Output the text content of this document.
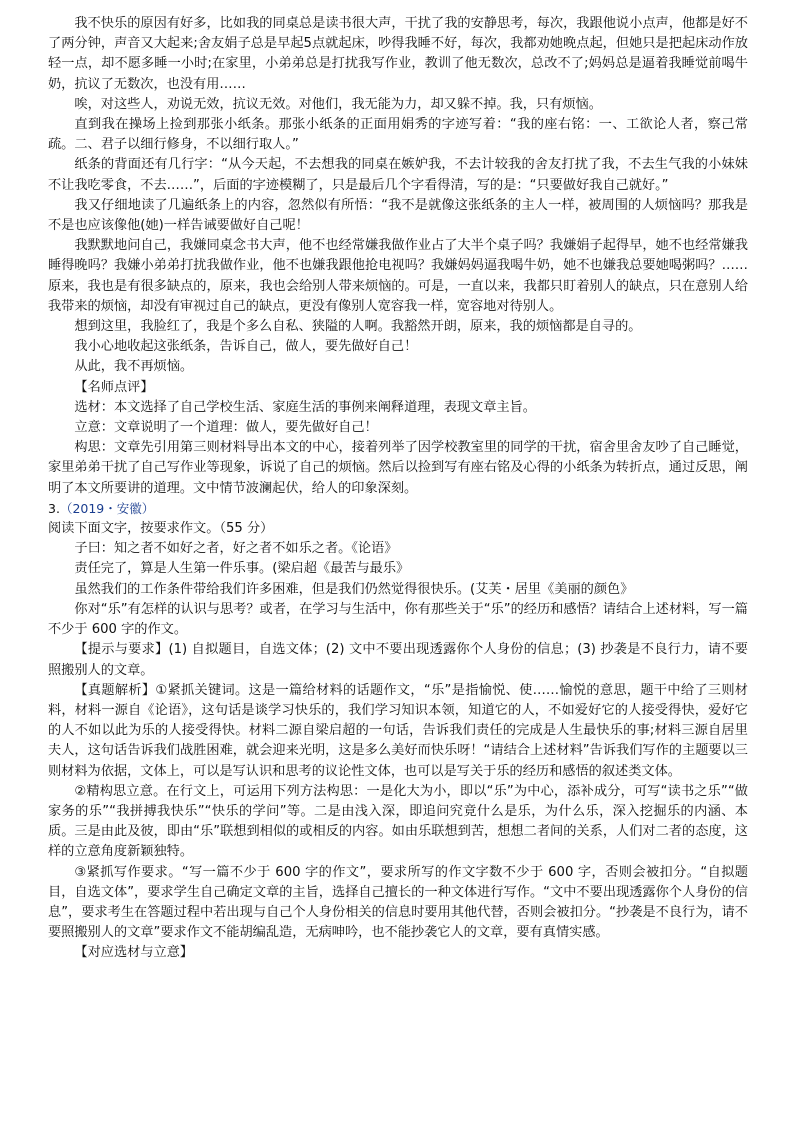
我不快乐的原因有好多，比如我的同桌总是读书很大声，干扰了我的安静思考，每次，我跟他说小点声，他都是好不了两分钟，声音又大起来;舍友娟子总是早起5点就起床，吵得我睡不好，每次，我都劝她晚点起，但她只是把起床动作放轻一点，却不愿多睡一小时;在家里，小弟弟总是打扰我写作业，教训了他无数次，总改不了;妈妈总是逼着我睡觉前喝牛奶，抗议了无数次，也没有用……

唉，对这些人，劝说无效，抗议无效。对他们，我无能为力，却又躲不掉。我，只有烦恼。

直到我在操场上捡到那张小纸条。那张小纸条的正面用娟秀的字迹写着：“我的座右铭：一、工欲论人者，察己常疏。二、君子以细行修身，不以细行取人。”

纸条的背面还有几行字：“从今天起，不去想我的同桌在嫉妒我，不去计较我的舍友打扰了我，不去生气我的小妹妹不让我吃零食，不去……”，后面的字迹模糊了，只是最后几个字看得清，写的是：“只要做好我自己就好。”

我又仔细地读了几遍纸条上的内容，忽然似有所悟：“我不是就像这张纸条的主人一样，被周围的人烦恼吗？那我是不是也应该像他(她)一样告诫要做好自己呢！

我默默地问自己，我嫌同桌念书大声，他不也经常嫌我做作业占了大半个桌子吗？我嫌娟子起得早，她不也经常嫌我睡得晚吗？我嫌小弟弟打扰我做作业，他不也嫌我跟他抢电视吗？我嫌妈妈逼我喝牛奶，她不也嫌我总要她喝粥吗？……原来，我也是有很多缺点的，原来，我也会给别人带来烦恼的。可是，一直以来，我都只盯着别人的缺点，只在意别人给我带来的烦恼，却没有审视过自己的缺点，更没有像别人宽容我一样，宽容地对待别人。

想到这里，我脸红了，我是个多么自私、狭隘的人啊。我豁然开朗，原来，我的烦恼都是自寻的。

我小心地收起这张纸条，告诉自己，做人，要先做好自己！

从此，我不再烦恼。

【名师点评】

选材：本文选择了自己学校生活、家庭生活的事例来阐释道理，表现文章主旨。

立意：文章说明了一个道理：做人，要先做好自己！

构思：文章先引用第三则材料导出本文的中心，接着列举了因学校教室里的同学的干扰，宿舍里舍友吵了自己睡觉，家里弟弟干扰了自己写作业等现象，诉说了自己的烦恼。然后以捡到写有座右铭及心得的小纸条为转折点，通过反思，阐明了本文所要讲的道理。文中情节波澜起伏，给人的印象深刻。

3.（2019・安徽）

阅读下面文字，按要求作文。（55 分）

子曰：知之者不如好之者，好之者不如乐之者。《论语》

责任完了，算是人生第一件乐事。(梁启超《最苦与最乐》

虽然我们的工作条件带给我们许多困难，但是我们仍然觉得很快乐。(艾芙・居里《美丽的颜色》

你对“乐”有怎样的认识与思考？或者，在学习与生活中，你有那些关于“乐”的经历和感悟？请结合上述材料，写一篇不少于 600 字的作文。

【提示与要求】(1) 自拟题目，自选文体；(2) 文中不要出现透露你个人身份的信息；(3) 抄袭是不良行力，请不要照搬别人的文章。

【真题解析】①紧抓关键词。这是一篇给材料的话题作文，“乐”是指愉悦、使……愉悦的意思，题干中给了三则材料，材料一源自《论语》，这句话是谈学习快乐的，我们学习知识本领，知道它的人，不如爱好它的人接受得快，爱好它的人不如以此为乐的人接受得快。材料二源自梁启超的一句话，告诉我们责任的完成是人生最快乐的事;材料三源自居里夫人，这句话告诉我们战胜困难，就会迎来光明，这是多么美好而快乐呀！“请结合上述材料”告诉我们写作的主题要以三则材料为依据，文体上，可以是写认识和思考的议论性文体，也可以是写关于乐的经历和感悟的叙述类文体。

②精构思立意。在行文上，可运用下列方法构思：一是化大为小，即以“乐”为中心，添补成分，可写“读书之乐”“做家务的乐”“我拼搏我快乐”“快乐的学问”等。二是由浅入深，即追问究竟什么是乐，为什么乐，深入挖掘乐的内涵、本质。三是由此及彼，即由“乐”联想到相似的或相反的内容。如由乐联想到苦，想想二者间的关系，人们对二者的态度，这样的立意角度新颖独特。

③紧抓写作要求。“写一篇不少于 600 字的作文”，要求所写的作文字数不少于 600 字，否则会被扣分。“自拟题目，自选文体”，要求学生自己确定文章的主旨，选择自己擅长的一种文体进行写作。“文中不要出现透露你个人身份的信息”，要求考生在答题过程中若出现与自己个人身份相关的信息时要用其他代替，否则会被扣分。“抄袭是不良行为，请不要照搬别人的文章”要求作文不能胡编乱造，无病呻吟，也不能抄袭它人的文章，要有真情实感。

【对应选材与立意】
